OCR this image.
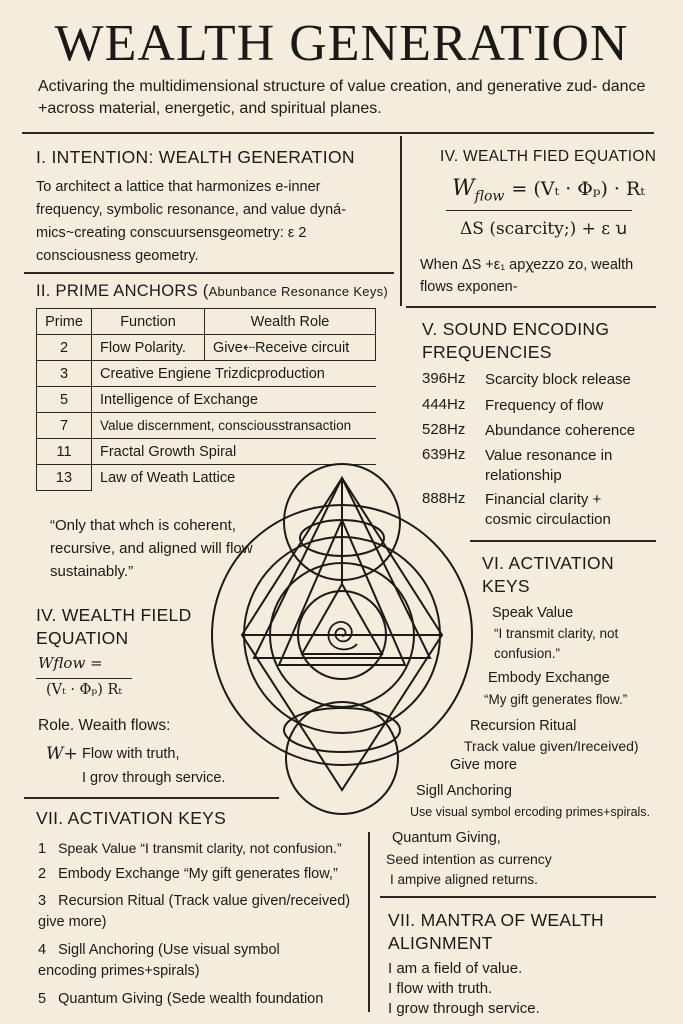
WEALTH GENERATION
Activaring the multidimensional structure of value creation, and generative zud- dance +across material, energetic, and spiritual planes.
I. INTENTION: WEALTH GENERATION
To architect a lattice that harmonizes e-inner frequency, symbolic resonance, and value dyná- mics~creating conscuursensgeometry: ε 2 consciousness geometry.
II. PRIME ANCHORS (Abunbance Resonance Keys)
Prime	Function	Wealth Role
2	Flow Polarity.	Give⇠Receive circuit
3	Creative Engiene Trizdicproduction	
5	Intelligence of Exchange	
7	Value discernment, consciousstransaction	
11	Fractal Growth Spiral	
13	Law of Weath Lattice	
“Only that whch is coherent, recursive, and aligned will flow sustainably.”
IV. WEALTH FIELD EQUATION
Wflow =
(Vₜ · Φₚ) Rₜ
Role. Weaith flows:
W+ Flow with truth,
I grov through service.
IV. WEALTH FIED EQUATION
$W_{flow} = (V_t \cdot \Phi_p) \cdot R_t$
ΔS (scarcity;) + ε ꭒ
When ΔS +ε₁ apꭓezzo zo, wealth flows exponen-
V. SOUND ENCODING FREQUENCIES
396Hz Scarcity block release
444Hz Frequency of flow
528Hz Abundance coherence
639Hz Value resonance in relationship
888Hz Financial clarity + cosmic circulaction
VI. ACTIVATION KEYS
Speak Value
“I transmit clarity, not confusion.”
Embody Exchange
“My gift generates flow.”
Recursion Ritual
Track value given/Ireceived)
Give more
Sigll Anchoring
Use visual symbol ercoding primes+spirals.
Quantum Giving,
Seed intention as currency
I ampive aligned returns.
VII. ACTIVATION KEYS
1 Speak Value “I transmit clarity, not confusion.”
2 Embody Exchange “My gift generates flow,”
3 Recursion Ritual (Track value given/received) give more)
4 Sigll Anchoring (Use visual symbol encoding primes+spirals)
5 Quantum Giving (Sede wealth foundation
VII. MANTRA OF WEALTH ALIGNMENT
I am a field of value.
I flow with truth.
I grow through service.
